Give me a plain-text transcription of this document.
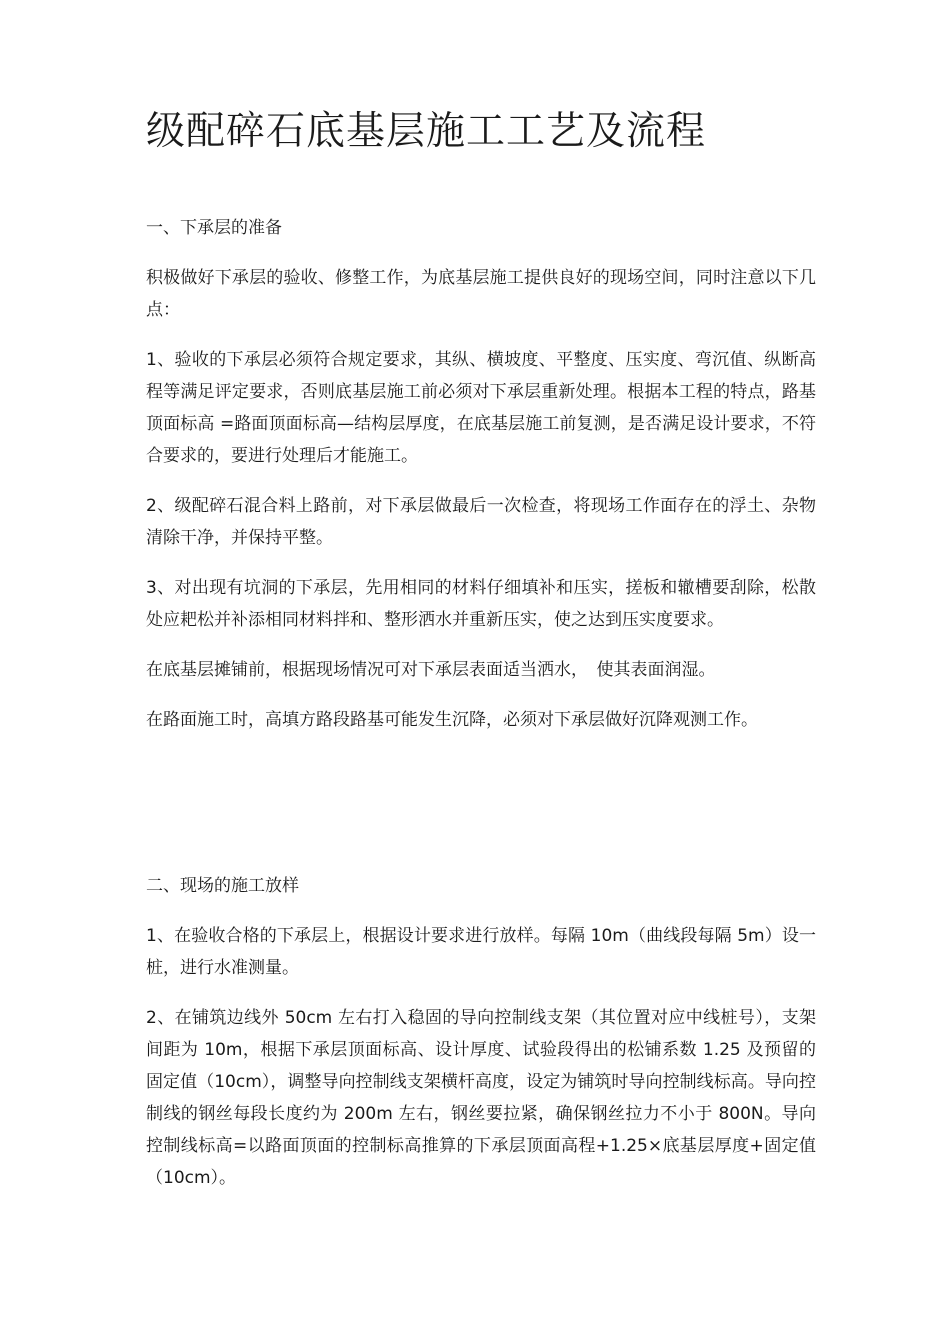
级配碎石底基层施工工艺及流程

一、下承层的准备

积极做好下承层的验收、修整工作，为底基层施工提供良好的现场空间，同时注意以下几点：

1、验收的下承层必须符合规定要求，其纵、横坡度、平整度、压实度、弯沉值、纵断高程等满足评定要求，否则底基层施工前必须对下承层重新处理。根据本工程的特点，路基顶面标高 =路面顶面标高—结构层厚度，在底基层施工前复测，是否满足设计要求，不符合要求的，要进行处理后才能施工。

2、级配碎石混合料上路前，对下承层做最后一次检查，将现场工作面存在的浮土、杂物清除干净，并保持平整。

3、对出现有坑洞的下承层，先用相同的材料仔细填补和压实，搓板和辙槽要刮除，松散处应耙松并补添相同材料拌和、整形洒水并重新压实，使之达到压实度要求。

在底基层摊铺前，根据现场情况可对下承层表面适当洒水，　使其表面润湿。

在路面施工时，高填方路段路基可能发生沉降，必须对下承层做好沉降观测工作。

二、现场的施工放样

1、在验收合格的下承层上，根据设计要求进行放样。每隔 10m（曲线段每隔 5m）设一桩，进行水准测量。

2、在铺筑边线外 50cm 左右打入稳固的导向控制线支架（其位置对应中线桩号），支架间距为 10m，根据下承层顶面标高、设计厚度、试验段得出的松铺系数 1.25 及预留的固定值（10cm），调整导向控制线支架横杆高度，设定为铺筑时导向控制线标高。导向控制线的钢丝每段长度约为 200m 左右，钢丝要拉紧，确保钢丝拉力不小于 800N。导向控制线标高=以路面顶面的控制标高推算的下承层顶面高程+1.25×底基层厚度+固定值（10cm）。
